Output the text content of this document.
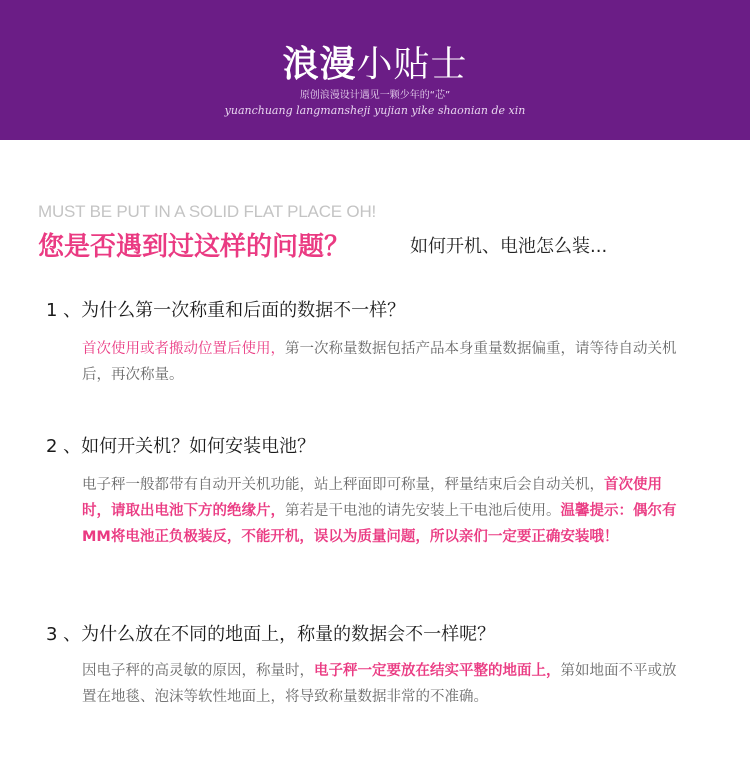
浪漫小贴士
原创浪漫设计遇见一颗少年的“芯”
yuanchuang langmansheji yujian yike shaonian de xin
MUST BE PUT IN A SOLID FLAT PLACE OH!
您是否遇到过这样的问题？	如何开机、电池怎么装...
1 、为什么第一次称重和后面的数据不一样？
首次使用或者搬动位置后使用，第一次称量数据包括产品本身重量数据偏重，请等待自动关机后，再次称量。
2 、如何开关机？如何安装电池？
电子秤一般都带有自动开关机功能，站上秤面即可称量，秤量结束后会自动关机，首次使用时，请取出电池下方的绝缘片，第若是干电池的请先安装上干电池后使用。温馨提示：偶尔有MM将电池正负极装反，不能开机，误以为质量问题，所以亲们一定要正确安装哦！
3 、为什么放在不同的地面上，称量的数据会不一样呢？
因电子秤的高灵敏的原因，称量时，电子秤一定要放在结实平整的地面上，第如地面不平或放置在地毯、泡沫等软性地面上，将导致称量数据非常的不准确。
